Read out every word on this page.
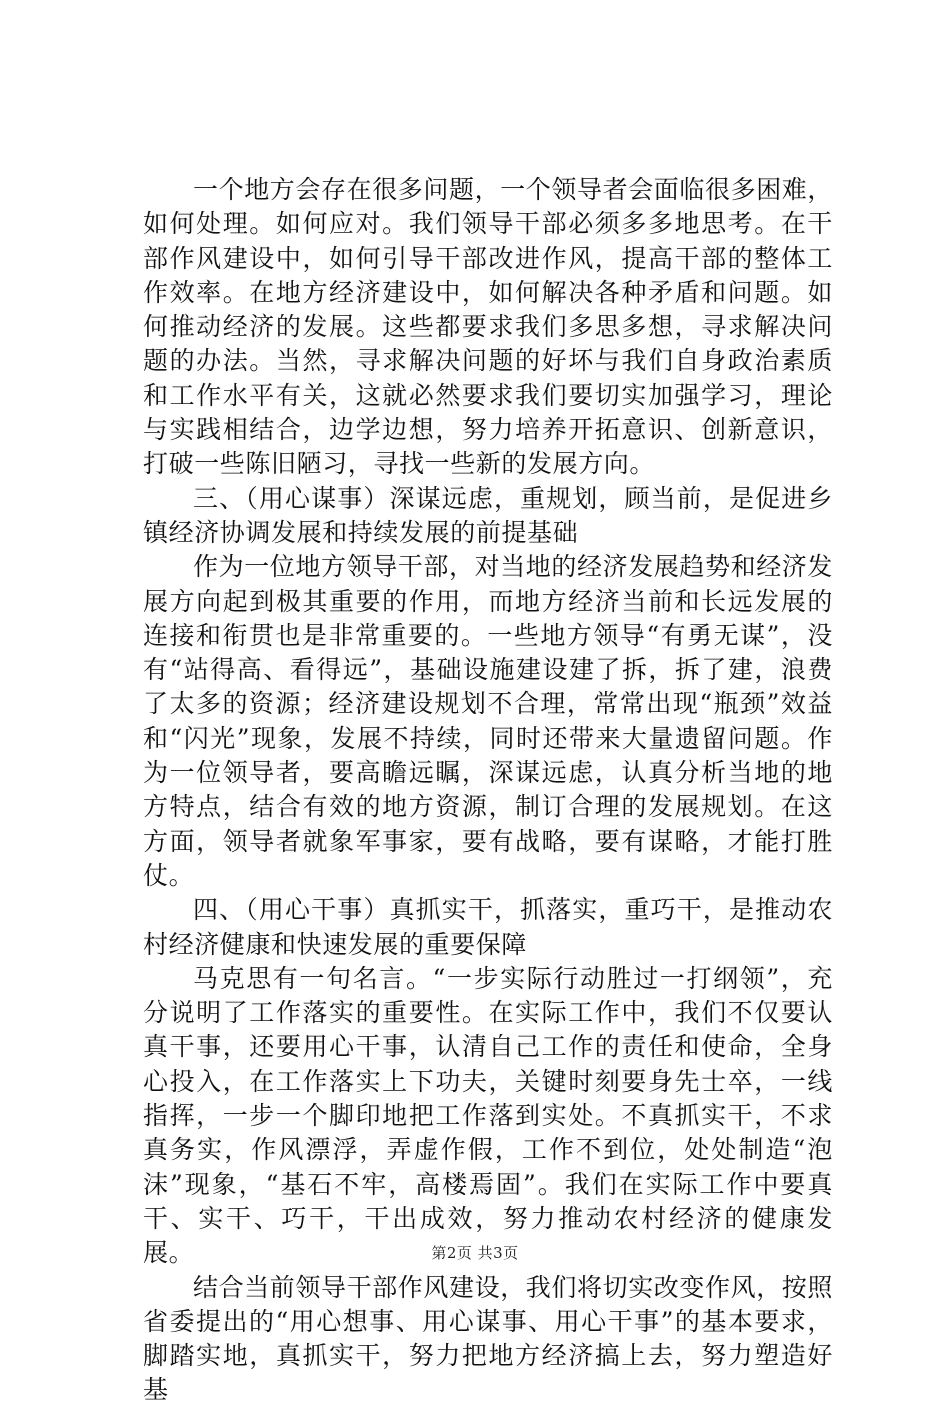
一个地方会存在很多问题，一个领导者会面临很多困难，如何处理。如何应对。我们领导干部必须多多地思考。在干部作风建设中，如何引导干部改进作风，提高干部的整体工作效率。在地方经济建设中，如何解决各种矛盾和问题。如何推动经济的发展。这些都要求我们多思多想，寻求解决问题的办法。当然，寻求解决问题的好坏与我们自身政治素质和工作水平有关，这就必然要求我们要切实加强学习，理论与实践相结合，边学边想，努力培养开拓意识、创新意识，打破一些陈旧陋习，寻找一些新的发展方向。

三、（用心谋事）深谋远虑，重规划，顾当前，是促进乡镇经济协调发展和持续发展的前提基础

作为一位地方领导干部，对当地的经济发展趋势和经济发展方向起到极其重要的作用，而地方经济当前和长远发展的连接和衔贯也是非常重要的。一些地方领导“有勇无谋”，没有“站得高、看得远”，基础设施建设建了拆，拆了建，浪费了太多的资源；经济建设规划不合理，常常出现“瓶颈”效益和“闪光”现象，发展不持续，同时还带来大量遗留问题。作为一位领导者，要高瞻远瞩，深谋远虑，认真分析当地的地方特点，结合有效的地方资源，制订合理的发展规划。在这方面，领导者就象军事家，要有战略，要有谋略，才能打胜仗。

四、（用心干事）真抓实干，抓落实，重巧干，是推动农村经济健康和快速发展的重要保障

马克思有一句名言。“一步实际行动胜过一打纲领”，充分说明了工作落实的重要性。在实际工作中，我们不仅要认真干事，还要用心干事，认清自己工作的责任和使命，全身心投入，在工作落实上下功夫，关键时刻要身先士卒，一线指挥，一步一个脚印地把工作落到实处。不真抓实干，不求真务实，作风漂浮，弄虚作假，工作不到位，处处制造“泡沫”现象，“基石不牢，高楼焉固”。我们在实际工作中要真干、实干、巧干，干出成效，努力推动农村经济的健康发展。

结合当前领导干部作风建设，我们将切实改变作风，按照省委提出的“用心想事、用心谋事、用心干事”的基本要求，脚踏实地，真抓实干，努力把地方经济搞上去，努力塑造好基

第2页 共3页
